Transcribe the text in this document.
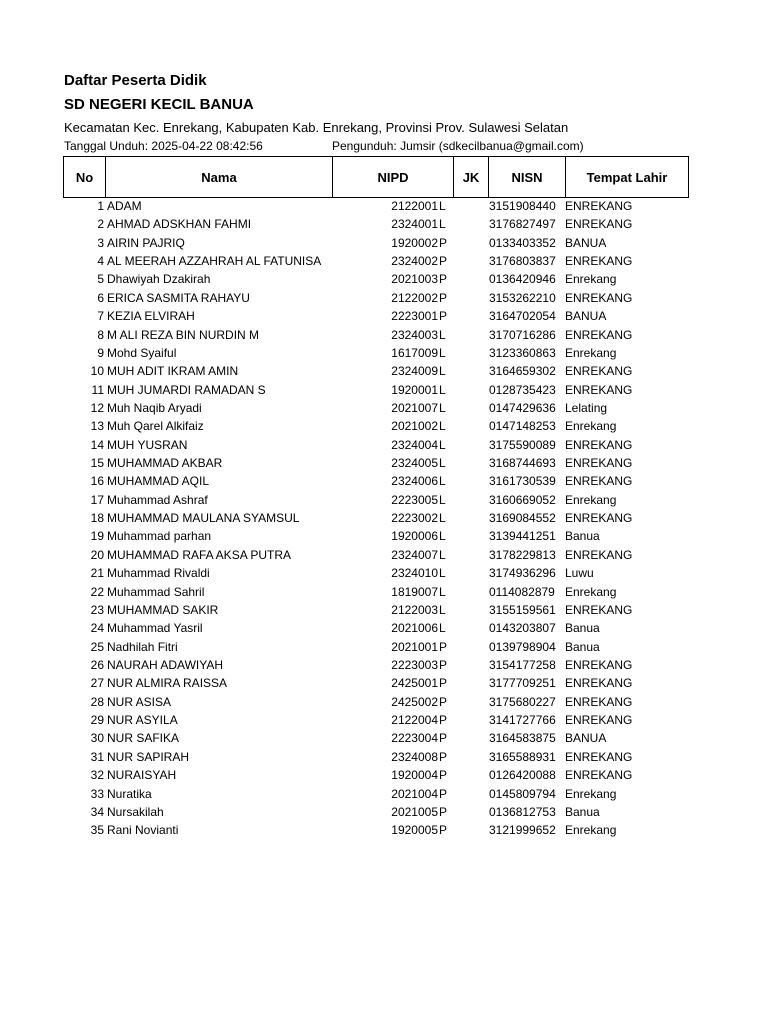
Daftar Peserta Didik
SD NEGERI KECIL BANUA
Kecamatan Kec. Enrekang, Kabupaten Kab. Enrekang, Provinsi Prov. Sulawesi Selatan
Tanggal Unduh: 2025-04-22 08:42:56	Pengunduh: Jumsir (sdkecilbanua@gmail.com)
No	Nama	NIPD	JK	NISN	Tempat Lahir
1 ADAM	2122001 L	3151908440 ENREKANG
2 AHMAD ADSKHAN FAHMI	2324001 L	3176827497 ENREKANG
3 AIRIN PAJRIQ	1920002 P	0133403352 BANUA
4 AL MEERAH AZZAHRAH AL FATUNISA	2324002 P	3176803837 ENREKANG
5 Dhawiyah Dzakirah	2021003 P	0136420946 Enrekang
6 ERICA SASMITA RAHAYU	2122002 P	3153262210 ENREKANG
7 KEZIA ELVIRAH	2223001 P	3164702054 BANUA
8 M ALI REZA BIN NURDIN M	2324003 L	3170716286 ENREKANG
9 Mohd Syaiful	1617009 L	3123360863 Enrekang
10 MUH ADIT IKRAM AMIN	2324009 L	3164659302 ENREKANG
11 MUH JUMARDI RAMADAN S	1920001 L	0128735423 ENREKANG
12 Muh Naqib Aryadi	2021007 L	0147429636 Lelating
13 Muh Qarel Alkifaiz	2021002 L	0147148253 Enrekang
14 MUH YUSRAN	2324004 L	3175590089 ENREKANG
15 MUHAMMAD AKBAR	2324005 L	3168744693 ENREKANG
16 MUHAMMAD AQIL	2324006 L	3161730539 ENREKANG
17 Muhammad Ashraf	2223005 L	3160669052 Enrekang
18 MUHAMMAD MAULANA SYAMSUL	2223002 L	3169084552 ENREKANG
19 Muhammad parhan	1920006 L	3139441251 Banua
20 MUHAMMAD RAFA AKSA PUTRA	2324007 L	3178229813 ENREKANG
21 Muhammad Rivaldi	2324010 L	3174936296 Luwu
22 Muhammad Sahril	1819007 L	0114082879 Enrekang
23 MUHAMMAD SAKIR	2122003 L	3155159561 ENREKANG
24 Muhammad Yasril	2021006 L	0143203807 Banua
25 Nadhilah Fitri	2021001 P	0139798904 Banua
26 NAURAH ADAWIYAH	2223003 P	3154177258 ENREKANG
27 NUR ALMIRA RAISSA	2425001 P	3177709251 ENREKANG
28 NUR ASISA	2425002 P	3175680227 ENREKANG
29 NUR ASYILA	2122004 P	3141727766 ENREKANG
30 NUR SAFIKA	2223004 P	3164583875 BANUA
31 NUR SAPIRAH	2324008 P	3165588931 ENREKANG
32 NURAISYAH	1920004 P	0126420088 ENREKANG
33 Nuratika	2021004 P	0145809794 Enrekang
34 Nursakilah	2021005 P	0136812753 Banua
35 Rani Novianti	1920005 P	3121999652 Enrekang
